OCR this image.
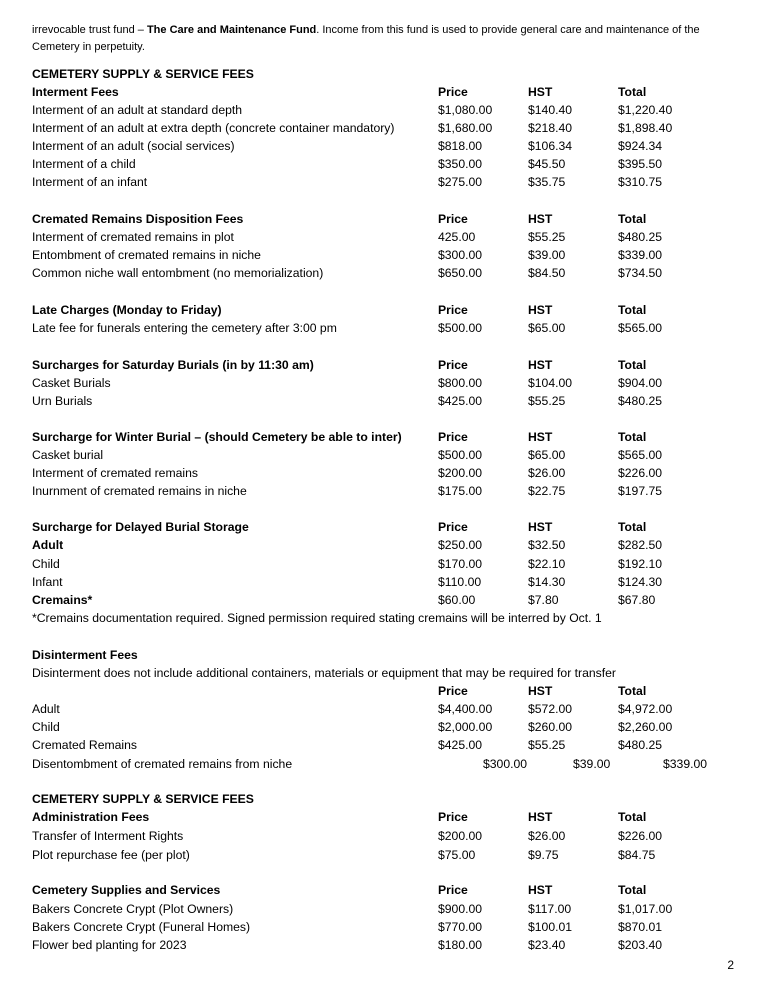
irrevocable trust fund – The Care and Maintenance Fund. Income from this fund is used to provide general care and maintenance of the Cemetery in perpetuity.
CEMETERY SUPPLY & SERVICE FEES
Interment Fees	Price	HST	Total
Interment of an adult at standard depth	$1,080.00	$140.40	$1,220.40
Interment of an adult at extra depth (concrete container mandatory)	$1,680.00	$218.40	$1,898.40
Interment of an adult (social services)	$818.00	$106.34	$924.34
Interment of a child	$350.00	$45.50	$395.50
Interment of an infant	$275.00	$35.75	$310.75
Cremated Remains Disposition Fees	Price	HST	Total
Interment of cremated remains in plot	425.00	$55.25	$480.25
Entombment of cremated remains in niche	$300.00	$39.00	$339.00
Common niche wall entombment (no memorialization)	$650.00	$84.50	$734.50
Late Charges (Monday to Friday)	Price	HST	Total
Late fee for funerals entering the cemetery after 3:00 pm	$500.00	$65.00	$565.00
Surcharges for Saturday Burials (in by 11:30 am)	Price	HST	Total
Casket Burials	$800.00	$104.00	$904.00
Urn Burials	$425.00	$55.25	$480.25
Surcharge for Winter Burial – (should Cemetery be able to inter)	Price	HST	Total
Casket burial	$500.00	$65.00	$565.00
Interment of cremated remains	$200.00	$26.00	$226.00
Inurnment of cremated remains in niche	$175.00	$22.75	$197.75
Surcharge for Delayed Burial Storage	Price	HST	Total
Adult	$250.00	$32.50	$282.50
Child	$170.00	$22.10	$192.10
Infant	$110.00	$14.30	$124.30
Cremains*	$60.00	$7.80	$67.80
*Cremains documentation required. Signed permission required stating cremains will be interred by Oct. 1
Disinterment Fees
Disinterment does not include additional containers, materials or equipment that may be required for transfer
Price	HST	Total
Adult	$4,400.00	$572.00	$4,972.00
Child	$2,000.00	$260.00	$2,260.00
Cremated Remains	$425.00	$55.25	$480.25
Disentombment of cremated remains from niche	$300.00	$39.00	$339.00
CEMETERY SUPPLY & SERVICE FEES
Administration Fees	Price	HST	Total
Transfer of Interment Rights	$200.00	$26.00	$226.00
Plot repurchase fee (per plot)	$75.00	$9.75	$84.75
Cemetery Supplies and Services	Price	HST	Total
Bakers Concrete Crypt (Plot Owners)	$900.00	$117.00	$1,017.00
Bakers Concrete Crypt (Funeral Homes)	$770.00	$100.01	$870.01
Flower bed planting for 2023	$180.00	$23.40	$203.40
2
